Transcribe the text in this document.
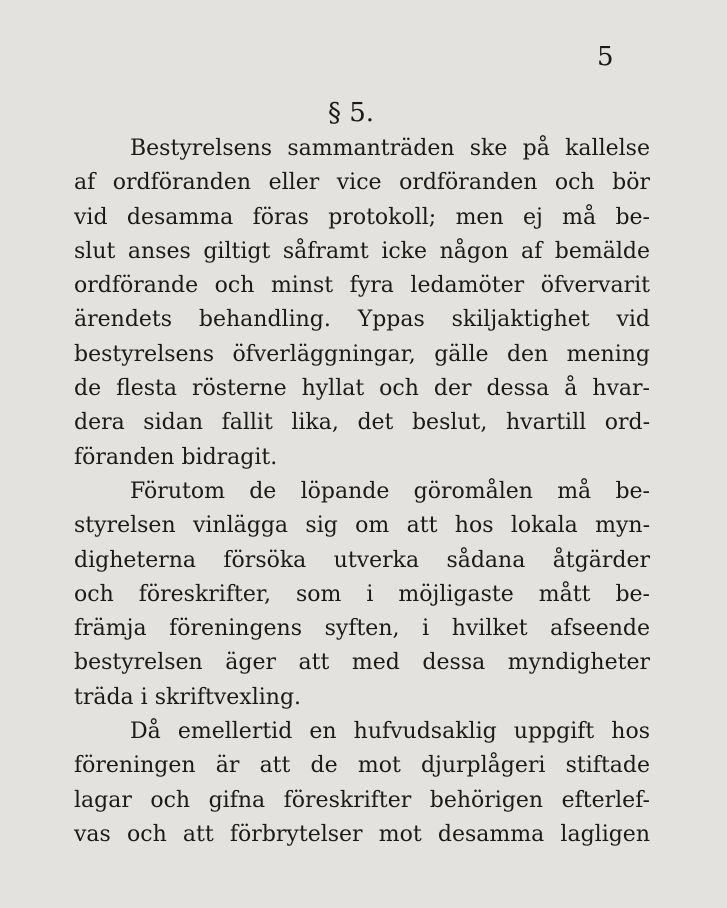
5
§ 5.
Bestyrelsens sammanträden ske på kallelse
af ordföranden eller vice ordföranden och bör
vid desamma föras protokoll; men ej må be-
slut anses giltigt såframt icke någon af bemälde
ordförande och minst fyra ledamöter öfvervarit
ärendets behandling. Yppas skiljaktighet vid
bestyrelsens öfverläggningar, gälle den mening
de flesta rösterne hyllat och der dessa å hvar-
dera sidan fallit lika, det beslut, hvartill ord-
föranden bidragit.
Förutom de löpande göromålen må be-
styrelsen vinlägga sig om att hos lokala myn-
digheterna försöka utverka sådana åtgärder
och föreskrifter, som i möjligaste mått be-
främja föreningens syften, i hvilket afseende
bestyrelsen äger att med dessa myndigheter
träda i skriftvexling.
Då emellertid en hufvudsaklig uppgift hos
föreningen är att de mot djurplågeri stiftade
lagar och gifna föreskrifter behörigen efterlef-
vas och att förbrytelser mot desamma lagligen
